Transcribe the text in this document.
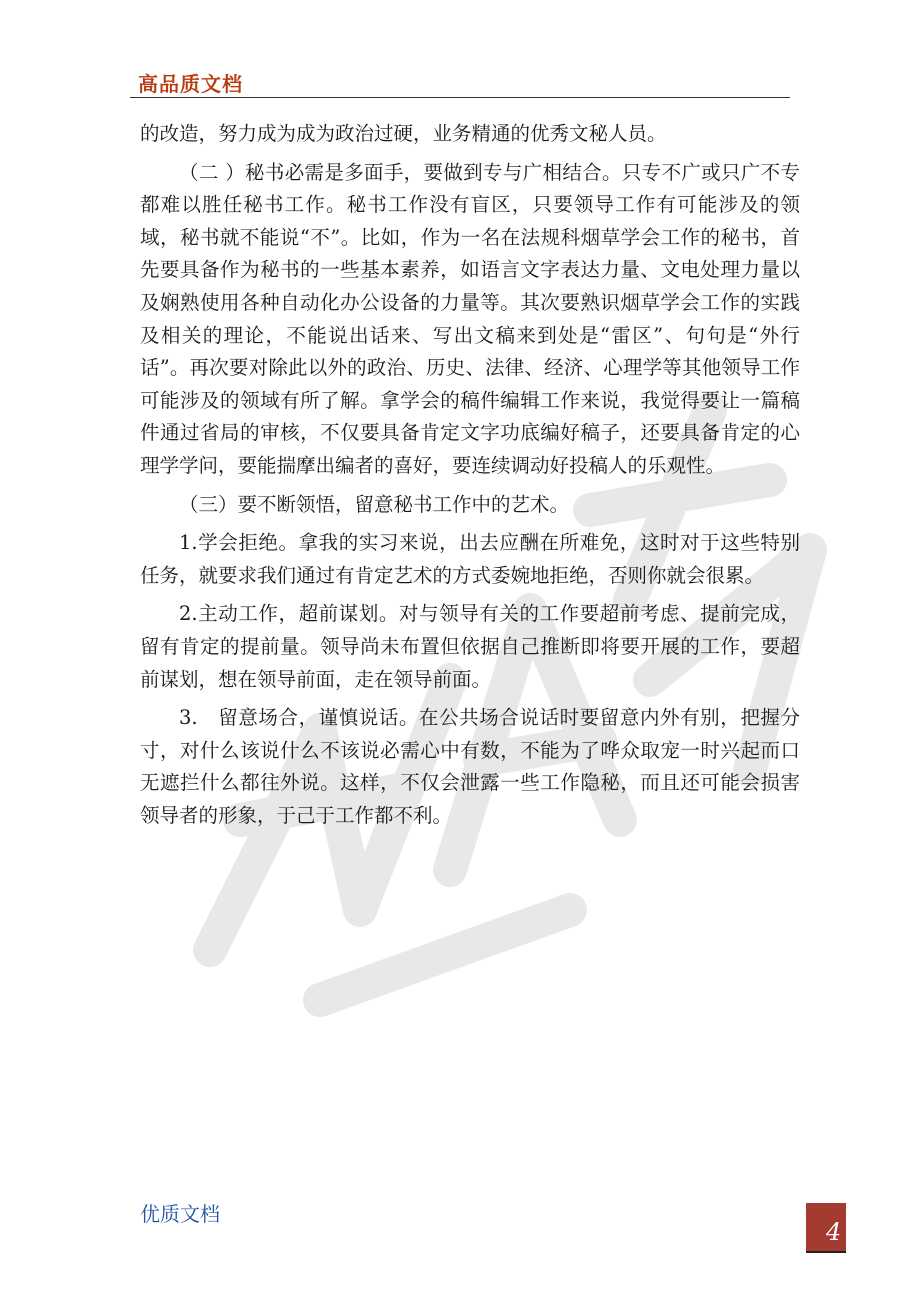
高品质文档

的改造，努力成为成为政治过硬，业务精通的优秀文秘人员。

（二 ）秘书必需是多面手，要做到专与广相结合。只专不广或只广不专都难以胜任秘书工作。秘书工作没有盲区，只要领导工作有可能涉及的领域，秘书就不能说“不”。比如，作为一名在法规科烟草学会工作的秘书，首先要具备作为秘书的一些基本素养，如语言文字表达力量、文电处理力量以及娴熟使用各种自动化办公设备的力量等。其次要熟识烟草学会工作的实践及相关的理论，不能说出话来、写出文稿来到处是“雷区”、句句是“外行话”。再次要对除此以外的政治、历史、法律、经济、心理学等其他领导工作可能涉及的领域有所了解。拿学会的稿件编辑工作来说，我觉得要让一篇稿件通过省局的审核，不仅要具备肯定文字功底编好稿子，还要具备肯定的心理学学问，要能揣摩出编者的喜好，要连续调动好投稿人的乐观性。

（三）要不断领悟，留意秘书工作中的艺术。

1.学会拒绝。拿我的实习来说，出去应酬在所难免，这时对于这些特别任务，就要求我们通过有肯定艺术的方式委婉地拒绝，否则你就会很累。

2.主动工作，超前谋划。对与领导有关的工作要超前考虑、提前完成，留有肯定的提前量。领导尚未布置但依据自己推断即将要开展的工作，要超前谋划，想在领导前面，走在领导前面。

3.　留意场合，谨慎说话。在公共场合说话时要留意内外有别，把握分寸，对什么该说什么不该说必需心中有数，不能为了哗众取宠一时兴起而口无遮拦什么都往外说。这样，不仅会泄露一些工作隐秘，而且还可能会损害领导者的形象，于己于工作都不利。

优质文档
4
